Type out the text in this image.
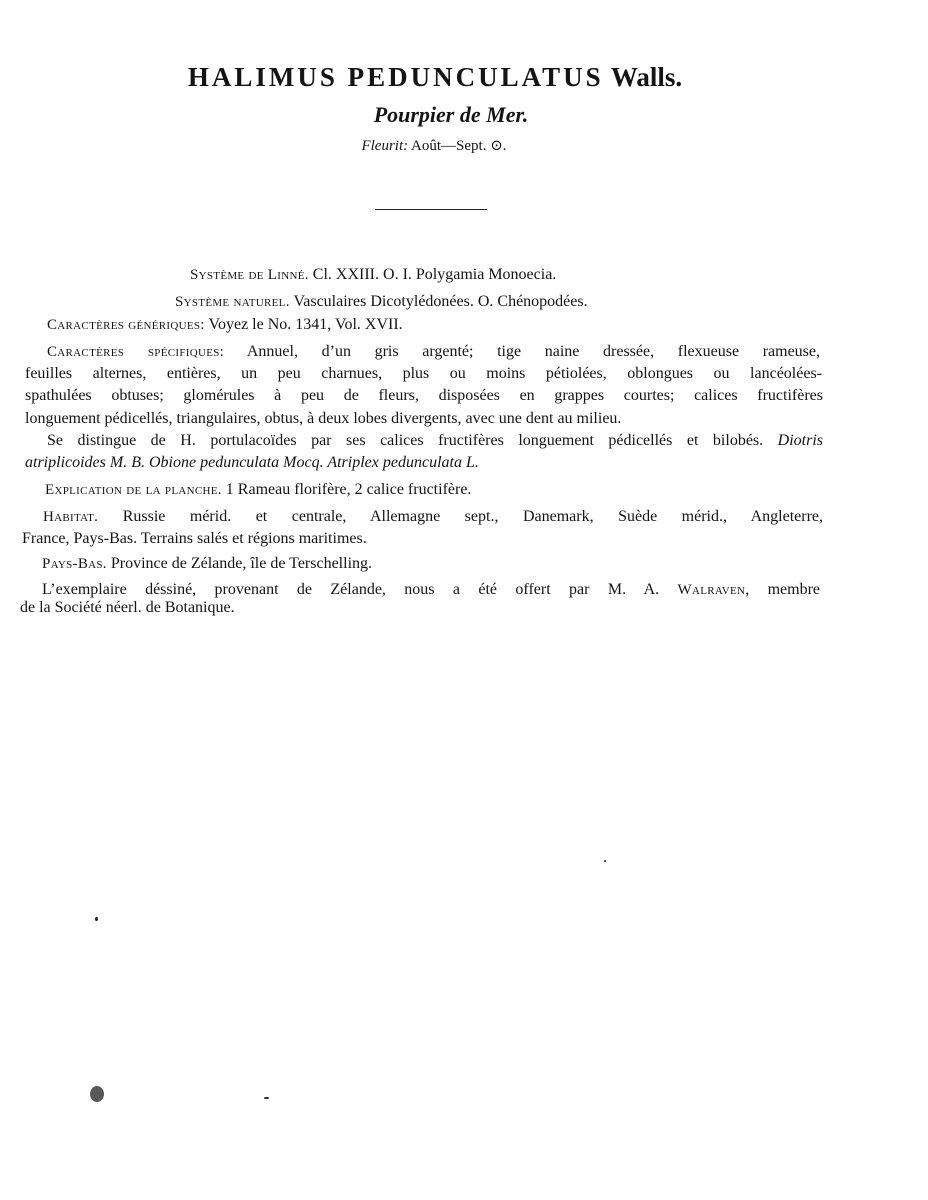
HALIMUS PEDUNCULATUS Walls.
Pourpier de Mer.
Fleurit: Août—Sept. ⊙.
Système de Linné. Cl. XXIII. O. I. Polygamia Monoecia.
Système naturel. Vasculaires Dicotylédonées. O. Chénopodées.
Caractères génériques: Voyez le No. 1341, Vol. XVII.
Caractères spécifiques: Annuel, d’un gris argenté; tige naine dressée, flexueuse rameuse,
feuilles alternes, entières, un peu charnues, plus ou moins pétiolées, oblongues ou lancéolées-
spathulées obtuses; glomérules à peu de fleurs, disposées en grappes courtes; calices fructifères
longuement pédicellés, triangulaires, obtus, à deux lobes divergents, avec une dent au milieu.
Se distingue de H. portulacoïdes par ses calices fructifères longuement pédicellés et bilobés. Diotris
atriplicoides M. B. Obione pedunculata Mocq. Atriplex pedunculata L.
Explication de la planche. 1 Rameau florifère, 2 calice fructifère.
Habitat. Russie mérid. et centrale, Allemagne sept., Danemark, Suède mérid., Angleterre,
France, Pays-Bas. Terrains salés et régions maritimes.
Pays-Bas. Province de Zélande, île de Terschelling.
L’exemplaire déssiné, provenant de Zélande, nous a été offert par M. A. Walraven, membre
de la Société néerl. de Botanique.
